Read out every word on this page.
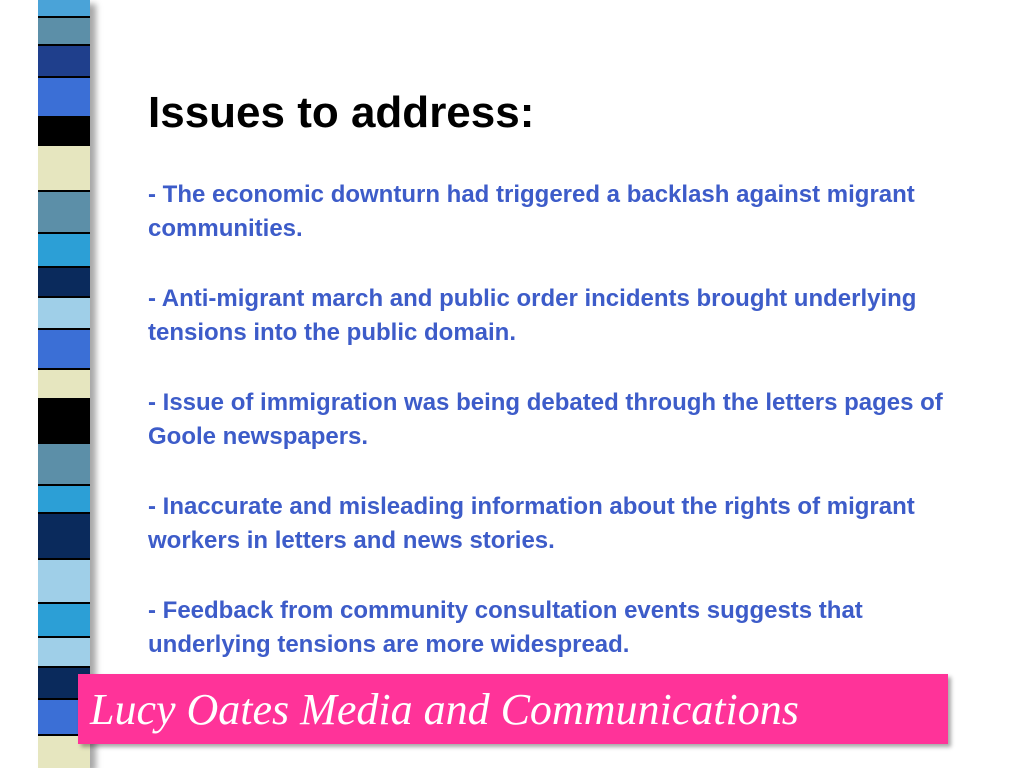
Issues to address:
- The economic downturn had triggered a backlash against migrant communities.
- Anti-migrant march and public order incidents brought underlying tensions into the public domain.
- Issue of immigration was being debated through the letters pages of Goole newspapers.
- Inaccurate and misleading information about the rights of migrant workers in letters and news stories.
- Feedback from community consultation events suggests that underlying tensions are more widespread.
Lucy Oates Media and Communications
